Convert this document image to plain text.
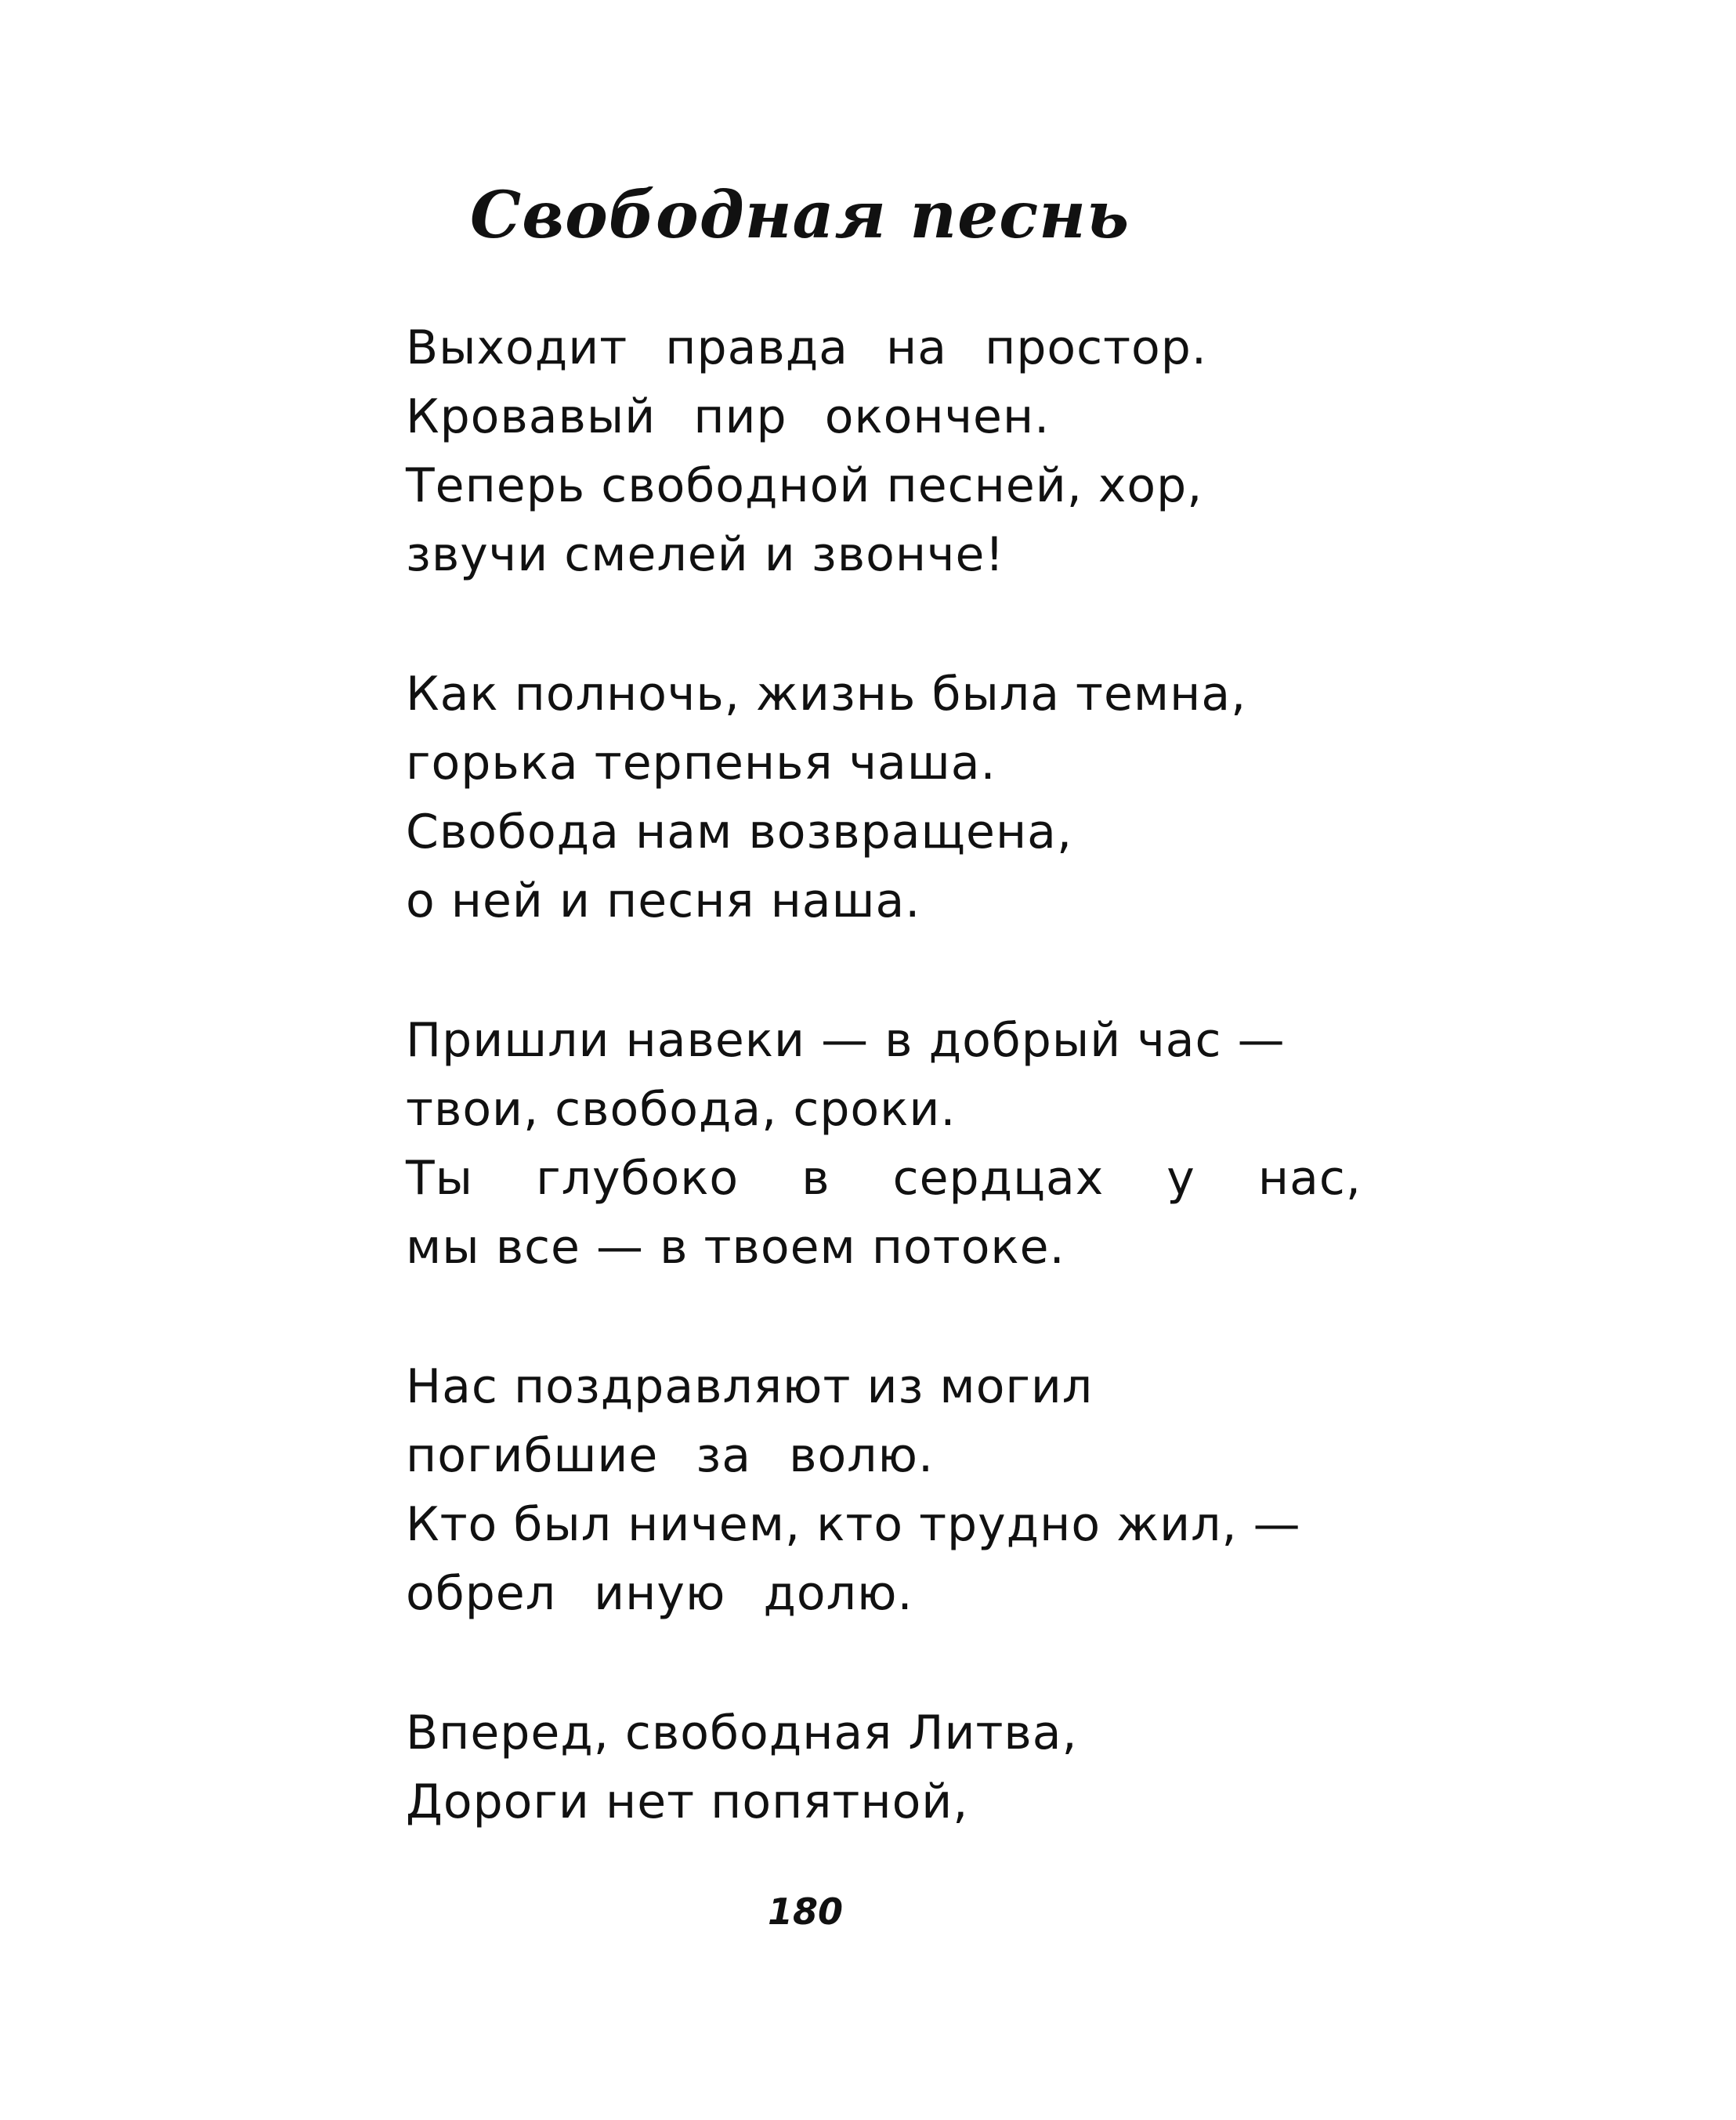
Свободная песнь
Выходит правда на простор.
Кровавый пир окончен.
Теперь свободной песней, хор,
звучи смелей и звонче!
Как полночь, жизнь была темна,
горька терпенья чаша.
Свобода нам возвращена,
о ней и песня наша.
Пришли навеки — в добрый час —
твои, свобода, сроки.
Ты глубоко в сердцах у нас,
мы все — в твоем потоке.
Нас поздравляют из могил
погибшие за волю.
Кто был ничем, кто трудно жил, —
обрел иную долю.
Вперед, свободная Литва,
Дороги нет попятной,
180
